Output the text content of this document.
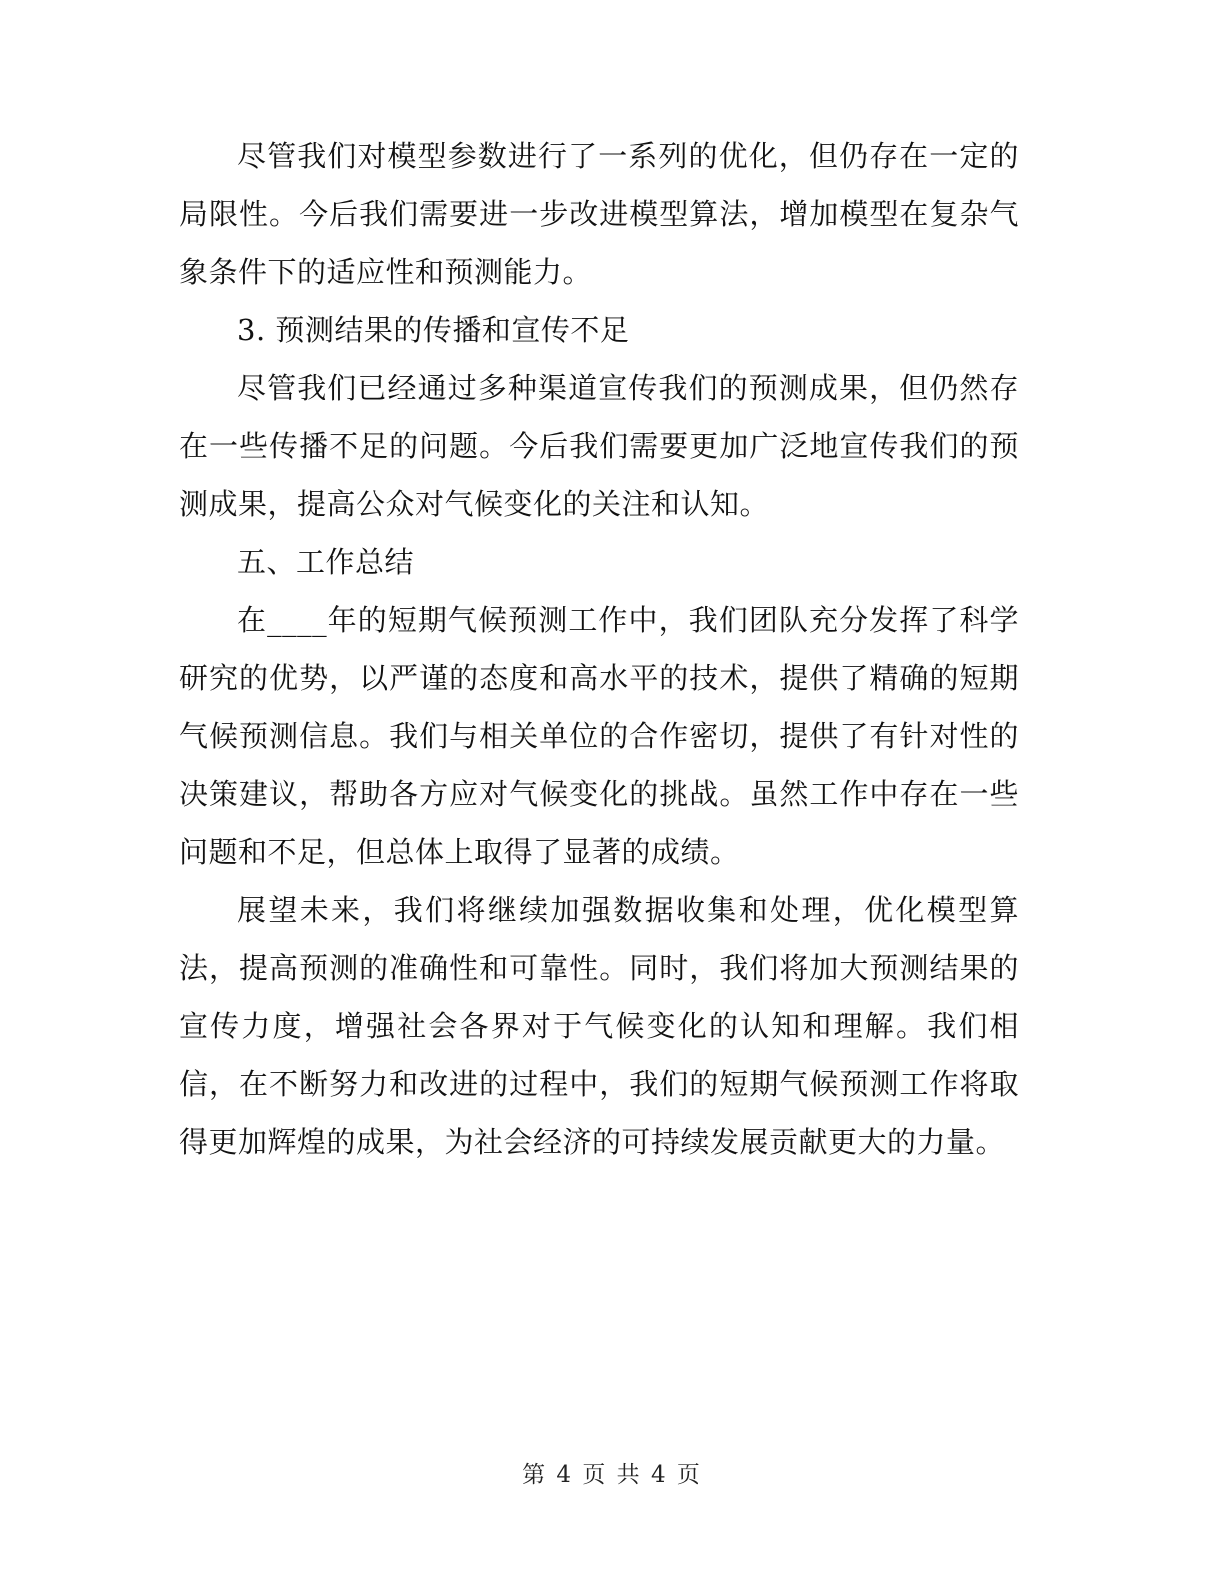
尽管我们对模型参数进行了一系列的优化，但仍存在一定的局限性。今后我们需要进一步改进模型算法，增加模型在复杂气象条件下的适应性和预测能力。

3. 预测结果的传播和宣传不足

尽管我们已经通过多种渠道宣传我们的预测成果，但仍然存在一些传播不足的问题。今后我们需要更加广泛地宣传我们的预测成果，提高公众对气候变化的关注和认知。

五、工作总结

在____年的短期气候预测工作中，我们团队充分发挥了科学研究的优势，以严谨的态度和高水平的技术，提供了精确的短期气候预测信息。我们与相关单位的合作密切，提供了有针对性的决策建议，帮助各方应对气候变化的挑战。虽然工作中存在一些问题和不足，但总体上取得了显著的成绩。

展望未来，我们将继续加强数据收集和处理，优化模型算法，提高预测的准确性和可靠性。同时，我们将加大预测结果的宣传力度，增强社会各界对于气候变化的认知和理解。我们相信，在不断努力和改进的过程中，我们的短期气候预测工作将取得更加辉煌的成果，为社会经济的可持续发展贡献更大的力量。

第 4 页 共 4 页
